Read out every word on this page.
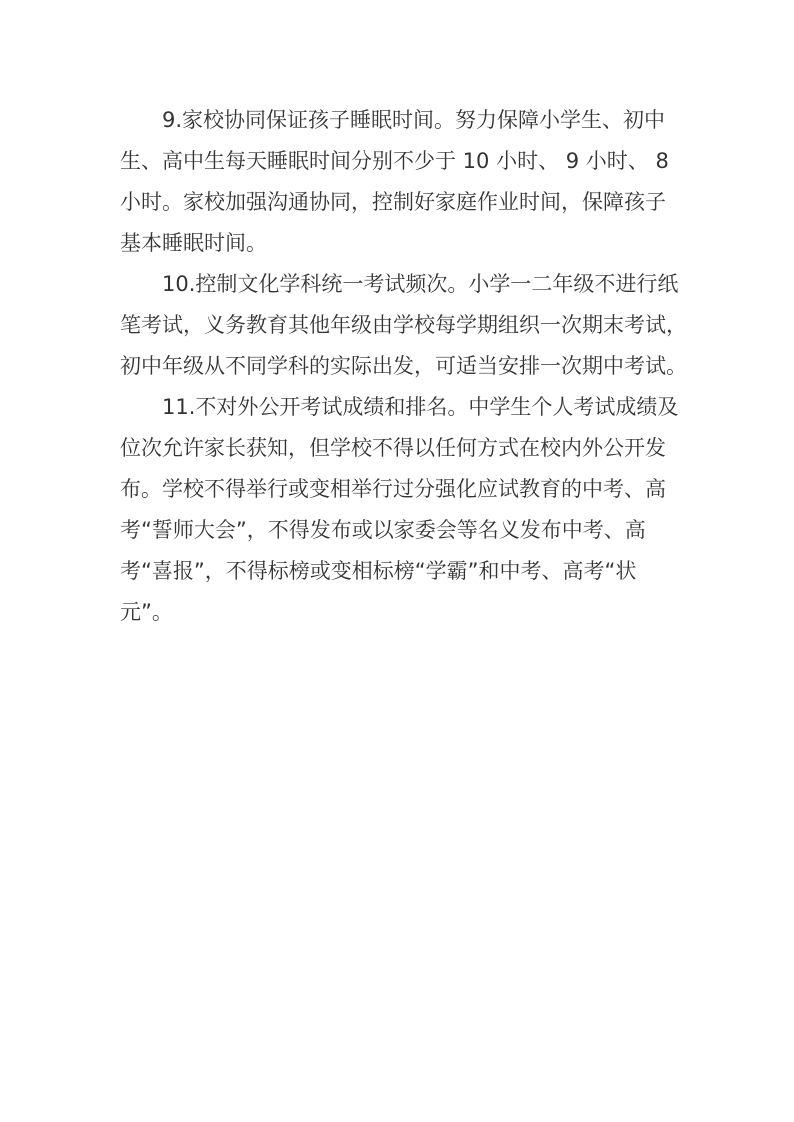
9.家校协同保证孩子睡眠时间。努力保障小学生、初中
生、高中生每天睡眠时间分别不少于 10 小时、 9 小时、 8
小时。家校加强沟通协同，控制好家庭作业时间，保障孩子
基本睡眠时间。
10.控制文化学科统一考试频次。小学一二年级不进行纸
笔考试，义务教育其他年级由学校每学期组织一次期末考试，
初中年级从不同学科的实际出发，可适当安排一次期中考试。
11.不对外公开考试成绩和排名。中学生个人考试成绩及
位次允许家长获知，但学校不得以任何方式在校内外公开发
布。学校不得举行或变相举行过分强化应试教育的中考、高
考“誓师大会”，不得发布或以家委会等名义发布中考、高
考“喜报”，不得标榜或变相标榜“学霸”和中考、高考“状
元”。
